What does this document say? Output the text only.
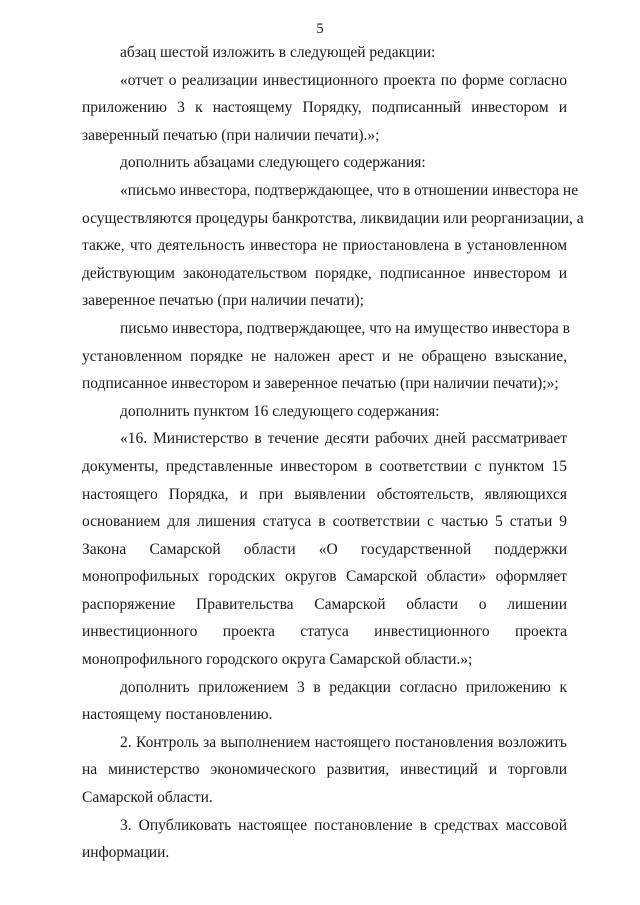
5
абзац шестой изложить в следующей редакции:
«отчет о реализации инвестиционного проекта по форме согласно
приложению 3 к настоящему Порядку, подписанный инвестором и
заверенный печатью (при наличии печати).»;
дополнить абзацами следующего содержания:
«письмо инвестора, подтверждающее, что в отношении инвестора не
осуществляются процедуры банкротства, ликвидации или реорганизации, а
также, что деятельность инвестора не приостановлена в установленном
действующим законодательством порядке, подписанное инвестором и
заверенное печатью (при наличии печати);
письмо инвестора, подтверждающее, что на имущество инвестора в
установленном порядке не наложен арест и не обращено взыскание,
подписанное инвестором и заверенное печатью (при наличии печати);»;
дополнить пунктом 16 следующего содержания:
«16. Министерство в течение десяти рабочих дней рассматривает
документы, представленные инвестором в соответствии с пунктом 15
настоящего Порядка, и при выявлении обстоятельств, являющихся
основанием для лишения статуса в соответствии с частью 5 статьи 9
Закона Самарской области «О государственной поддержки
монопрофильных городских округов Самарской области» оформляет
распоряжение Правительства Самарской области о лишении
инвестиционного проекта статуса инвестиционного проекта
монопрофильного городского округа Самарской области.»;
дополнить приложением 3 в редакции согласно приложению к
настоящему постановлению.
2. Контроль за выполнением настоящего постановления возложить
на министерство экономического развития, инвестиций и торговли
Самарской области.
3. Опубликовать настоящее постановление в средствах массовой
информации.
